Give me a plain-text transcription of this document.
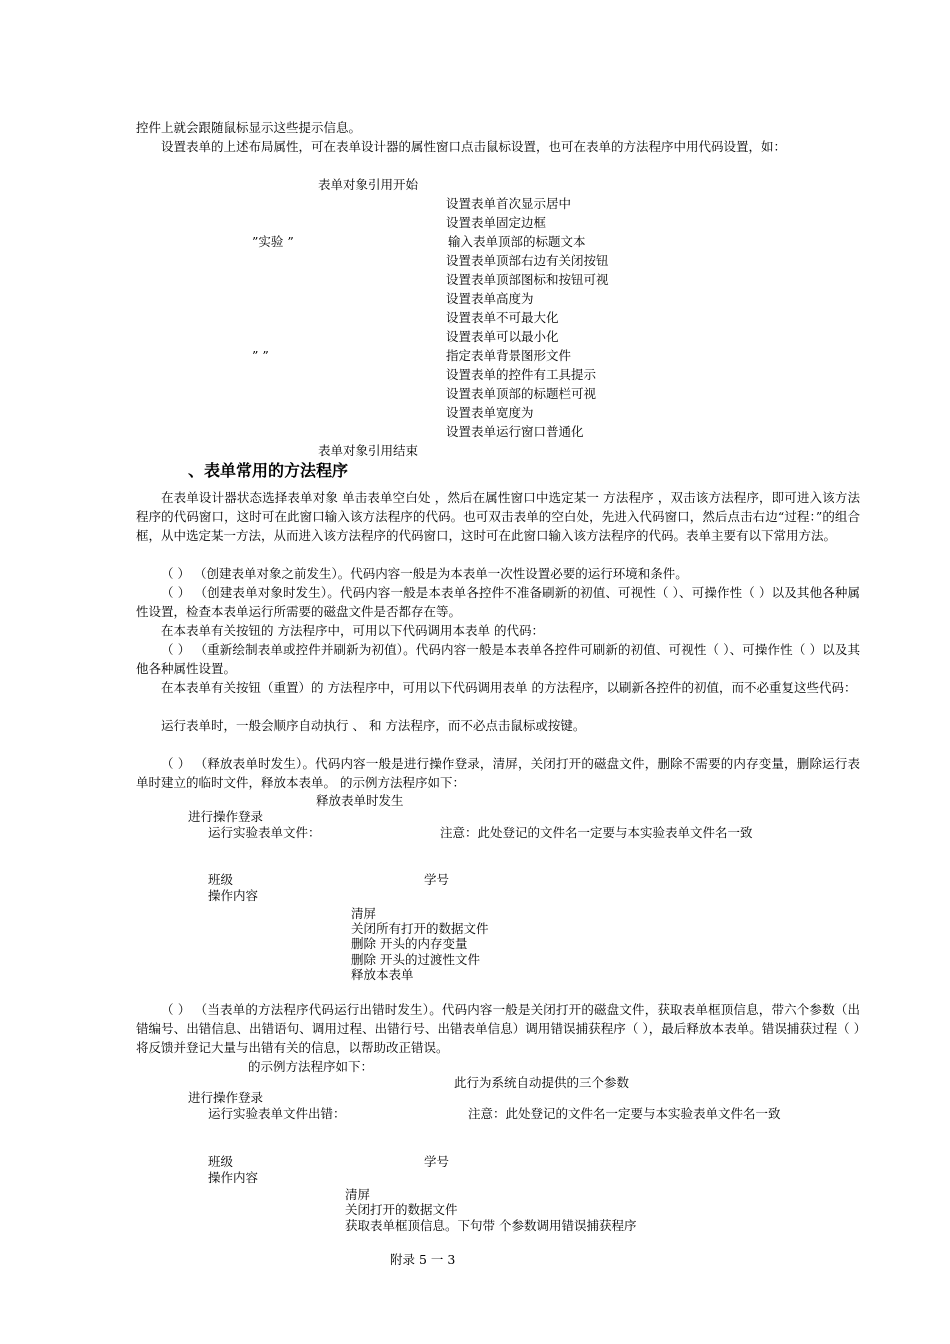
控件上就会跟随鼠标显示这些提示信息。
设置表单的上述布局属性，可在表单设计器的属性窗口点击鼠标设置，也可在表单的方法程序中用代码设置，如：
表单对象引用开始
设置表单首次显示居中
设置表单固定边框
”实验 ”	输入表单顶部的标题文本
设置表单顶部右边有关闭按钮
设置表单顶部图标和按钮可视
设置表单高度为
设置表单不可最大化
设置表单可以最小化
” ”	指定表单背景图形文件
设置表单的控件有工具提示
设置表单顶部的标题栏可视
设置表单宽度为
设置表单运行窗口普通化
表单对象引用结束
、表单常用的方法程序
在表单设计器状态选择表单对象 单击表单空白处 ，然后在属性窗口中选定某一 方法程序 ，双击该方法程序，即可进入该方法程序的代码窗口，这时可在此窗口输入该方法程序的代码。也可双击表单的空白处，先进入代码窗口，然后点击右边“过程：”的组合框，从中选定某一方法，从而进入该方法程序的代码窗口，这时可在此窗口输入该方法程序的代码。表单主要有以下常用方法。
（ ） （创建表单对象之前发生）。代码内容一般是为本表单一次性设置必要的运行环境和条件。
（ ） （创建表单对象时发生）。代码内容一般是本表单各控件不准备刷新的初值、可视性（ ）、可操作性（ ）以及其他各种属性设置，检查本表单运行所需要的磁盘文件是否都存在等。
在本表单有关按钮的 方法程序中，可用以下代码调用本表单 的代码：
（ ） （重新绘制表单或控件并刷新为初值）。代码内容一般是本表单各控件可刷新的初值、可视性（ ）、可操作性（ ）以及其他各种属性设置。
在本表单有关按钮（重置）的 方法程序中，可用以下代码调用表单 的方法程序，以刷新各控件的初值，而不必重复这些代码：
运行表单时，一般会顺序自动执行 、 和 方法程序，而不必点击鼠标或按键。
（ ） （释放表单时发生）。代码内容一般是进行操作登录，清屏，关闭打开的磁盘文件，删除不需要的内存变量，删除运行表单时建立的临时文件，释放本表单。 的示例方法程序如下：
释放表单时发生
进行操作登录
运行实验表单文件：	注意：此处登记的文件名一定要与本实验表单文件名一致
班级	学号
操作内容
清屏
关闭所有打开的数据文件
删除 开头的内存变量
删除 开头的过渡性文件
释放本表单
（ ） （当表单的方法程序代码运行出错时发生）。代码内容一般是关闭打开的磁盘文件，获取表单框顶信息，带六个参数（出错编号、出错信息、出错语句、调用过程、出错行号、出错表单信息）调用错误捕获程序（ ），最后释放本表单。错误捕获过程（ ）将反馈并登记大量与出错有关的信息，以帮助改正错误。
的示例方法程序如下：
此行为系统自动提供的三个参数
进行操作登录
运行实验表单文件出错：	注意：此处登记的文件名一定要与本实验表单文件名一致
班级	学号
操作内容
清屏
关闭打开的数据文件
获取表单框顶信息。下句带 个参数调用错误捕获程序
附录 5 一 3
